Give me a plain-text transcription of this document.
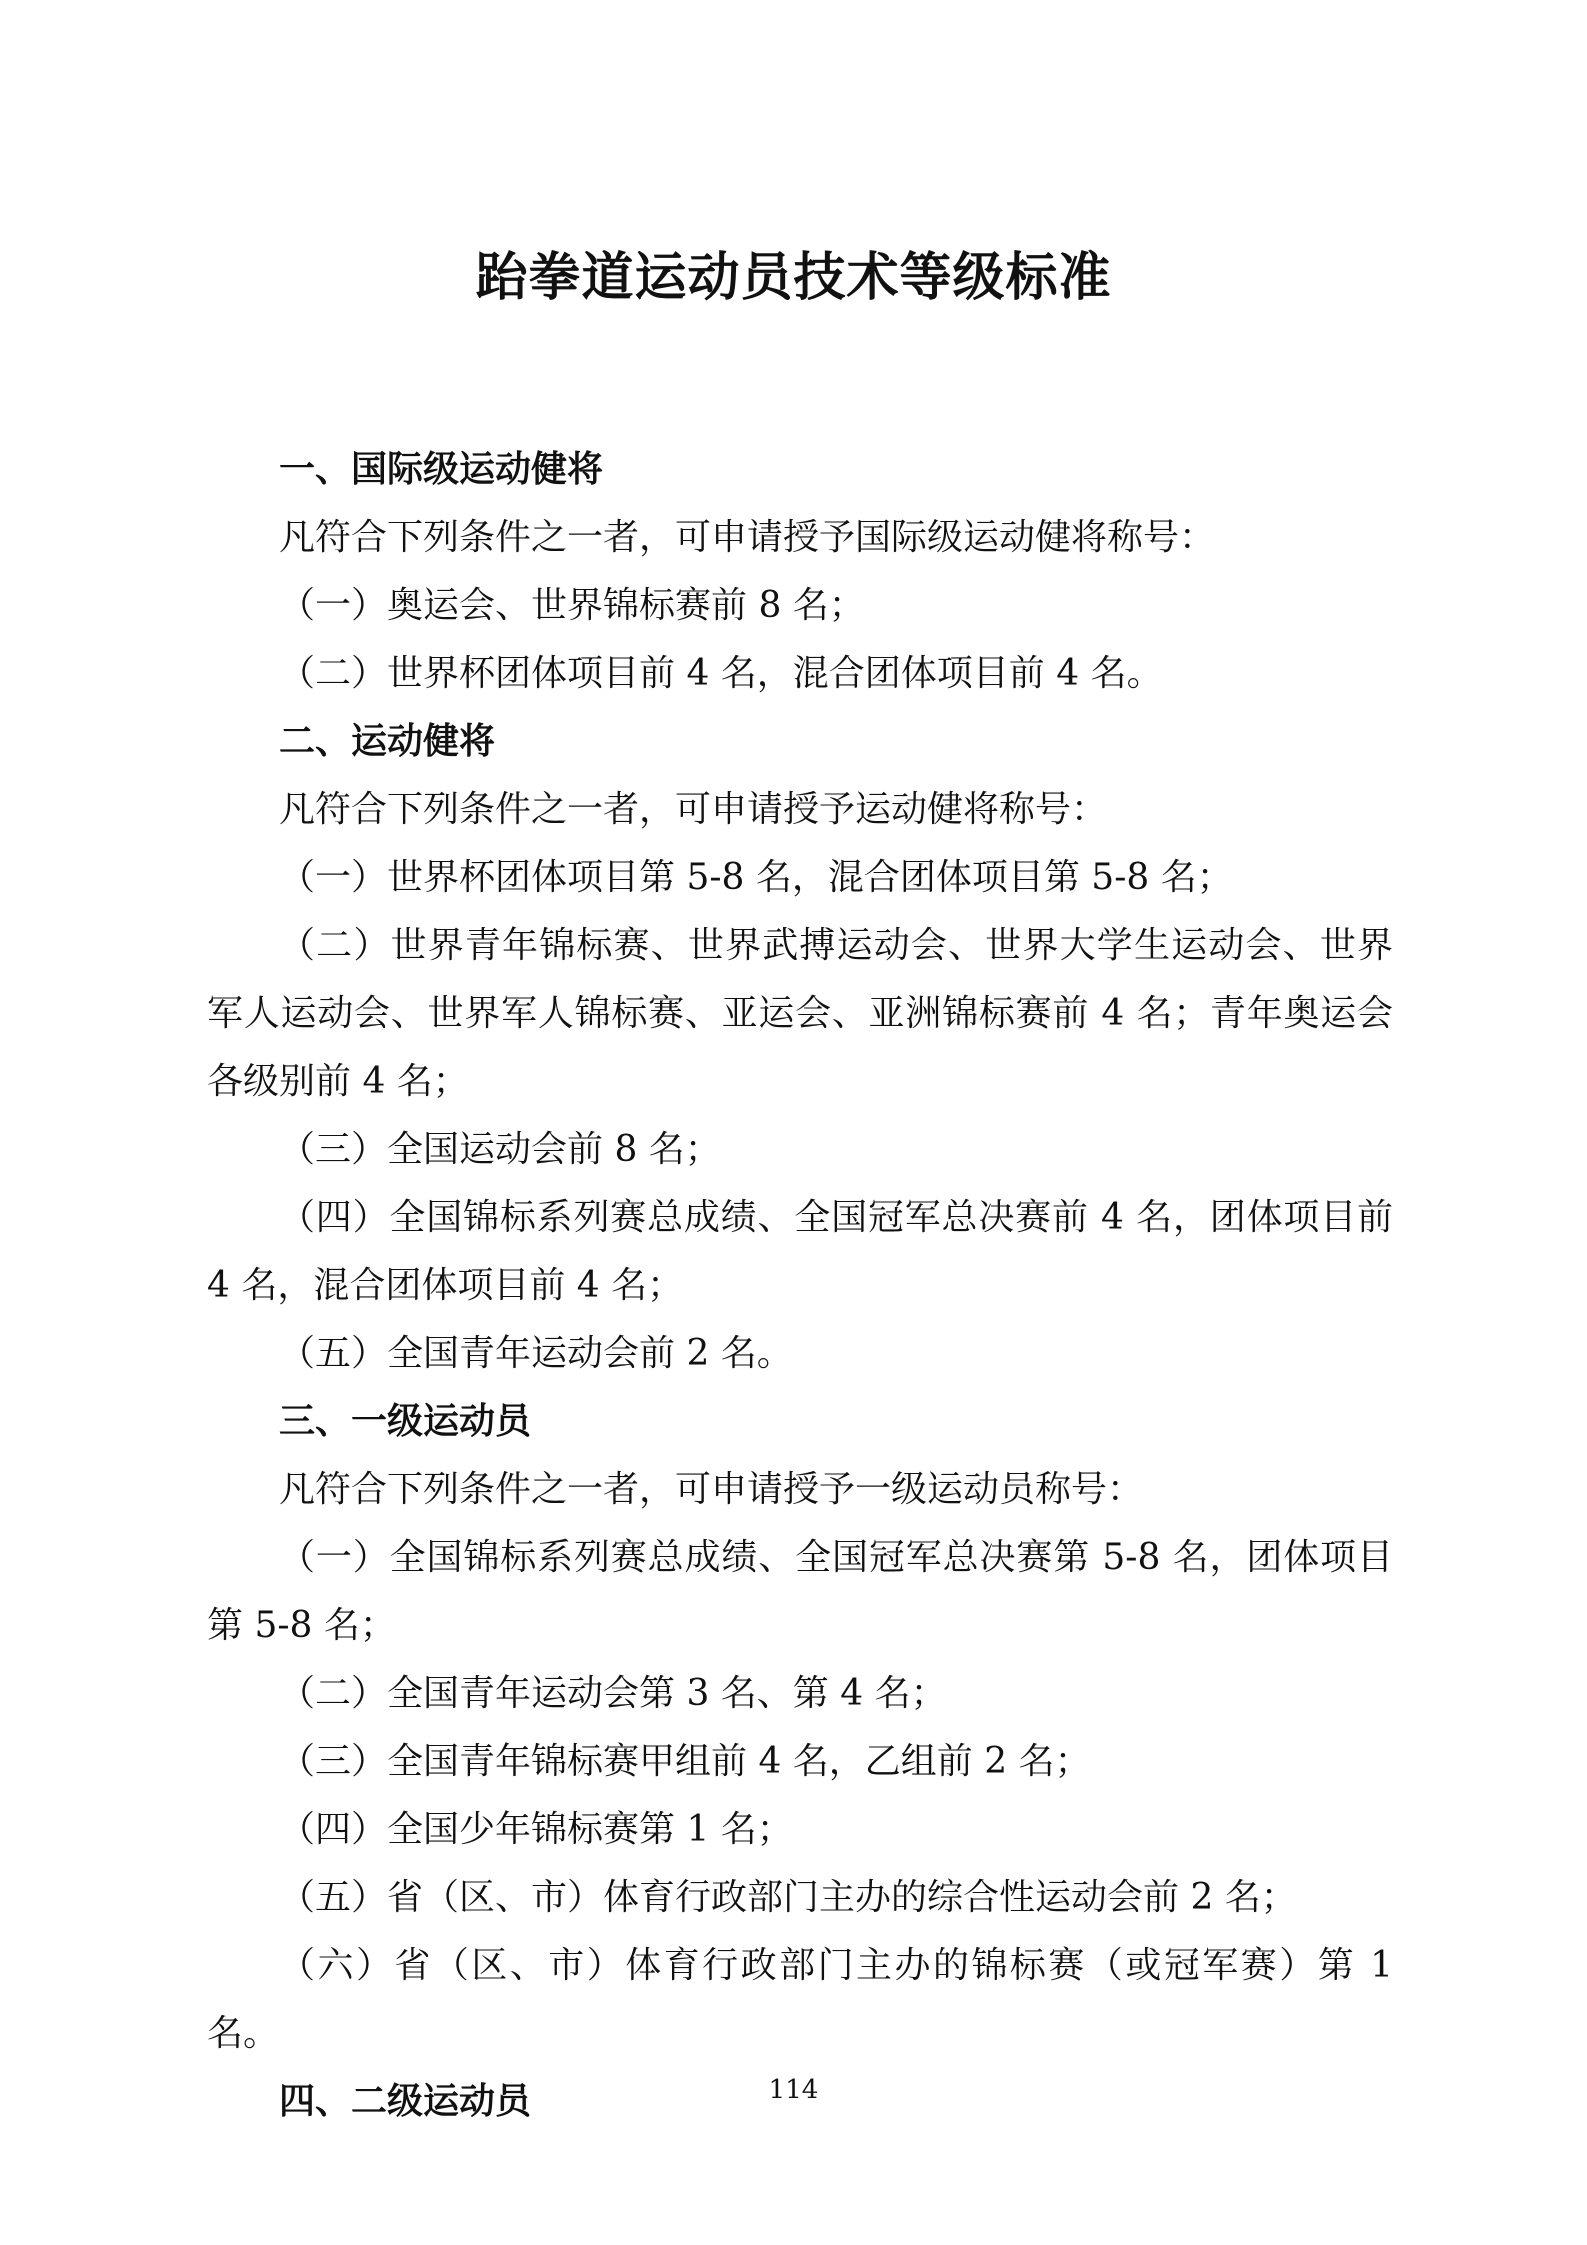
跆拳道运动员技术等级标准

一、国际级运动健将

凡符合下列条件之一者，可申请授予国际级运动健将称号：

（一）奥运会、世界锦标赛前 8 名；

（二）世界杯团体项目前 4 名，混合团体项目前 4 名。

二、运动健将

凡符合下列条件之一者，可申请授予运动健将称号：

（一）世界杯团体项目第 5-8 名，混合团体项目第 5-8 名；

（二）世界青年锦标赛、世界武搏运动会、世界大学生运动会、世界军人运动会、世界军人锦标赛、亚运会、亚洲锦标赛前 4 名；青年奥运会各级别前 4 名；

（三）全国运动会前 8 名；

（四）全国锦标系列赛总成绩、全国冠军总决赛前 4 名，团体项目前 4 名，混合团体项目前 4 名；

（五）全国青年运动会前 2 名。

三、一级运动员

凡符合下列条件之一者，可申请授予一级运动员称号：

（一）全国锦标系列赛总成绩、全国冠军总决赛第 5-8 名，团体项目第 5-8 名；

（二）全国青年运动会第 3 名、第 4 名；

（三）全国青年锦标赛甲组前 4 名，乙组前 2 名；

（四）全国少年锦标赛第 1 名；

（五）省（区、市）体育行政部门主办的综合性运动会前 2 名；

（六）省（区、市）体育行政部门主办的锦标赛（或冠军赛）第 1 名。

四、二级运动员	114
